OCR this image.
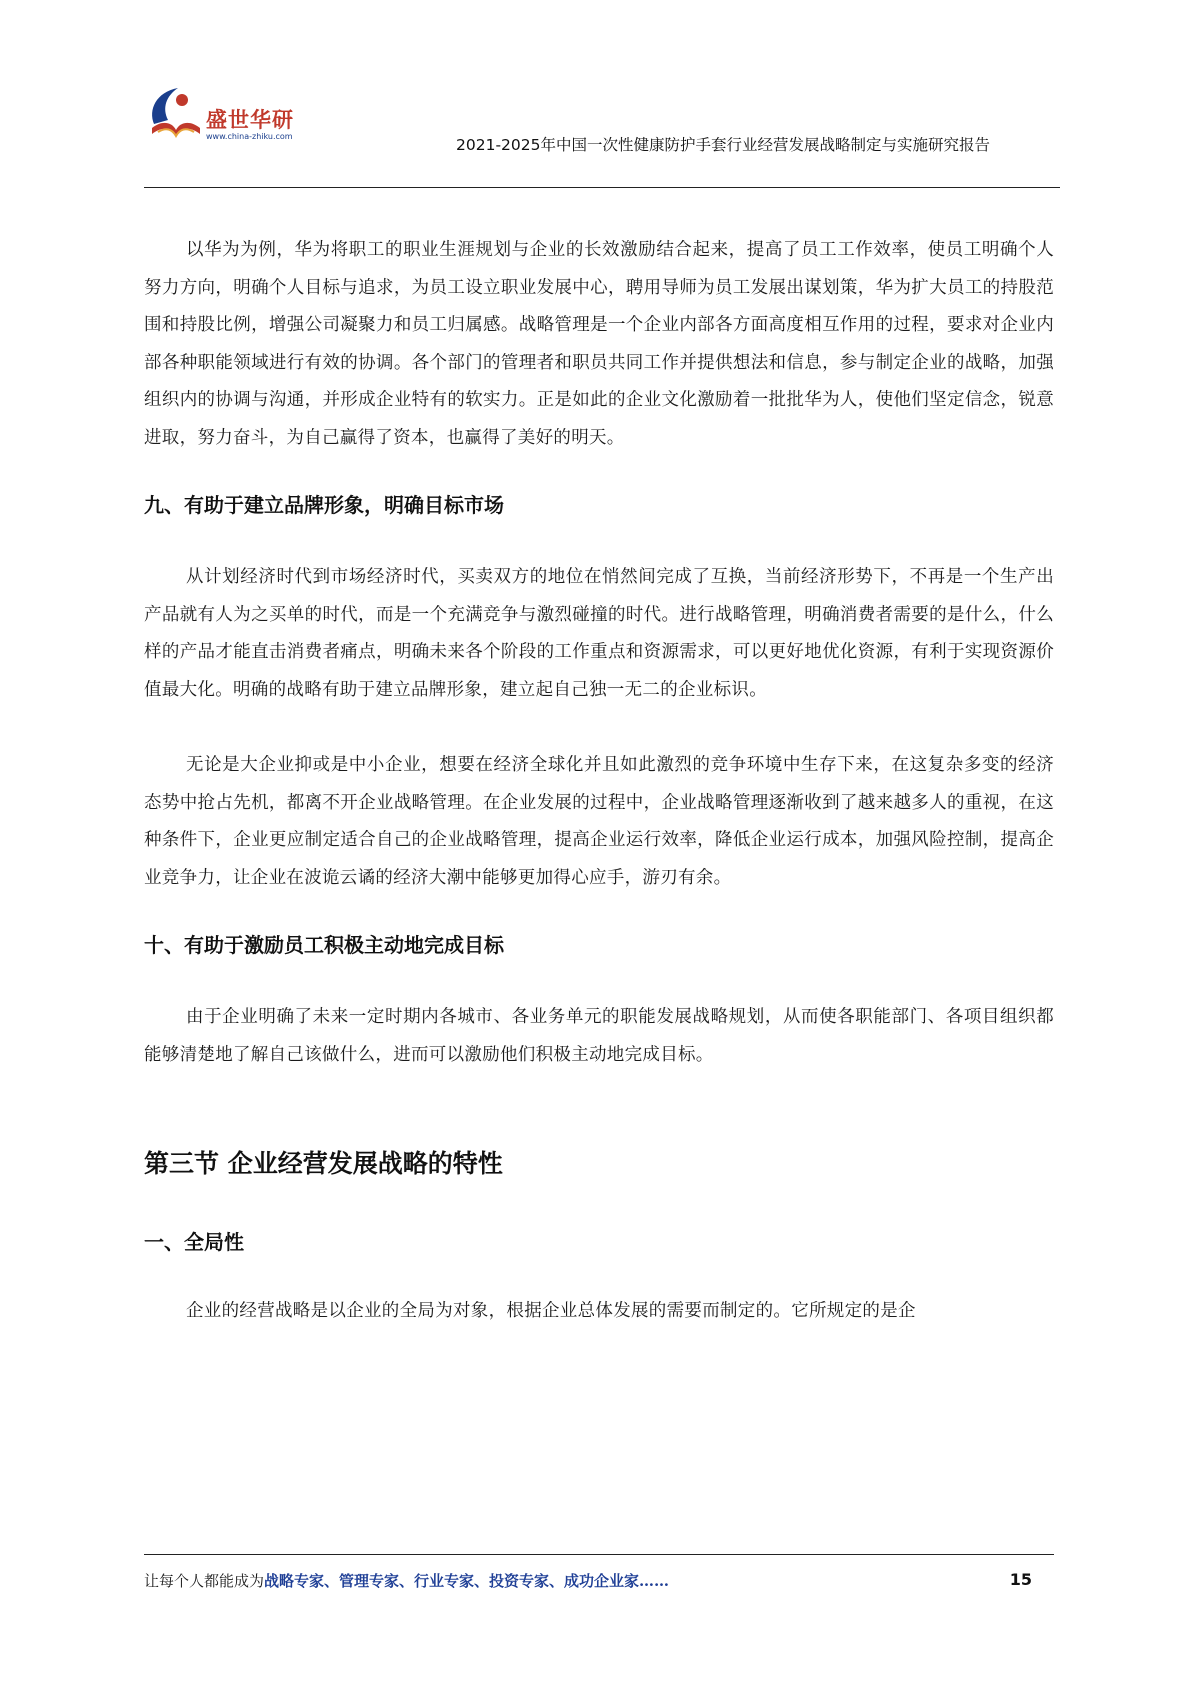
盛世华研
www.china-zhiku.com	2021-2025年中国一次性健康防护手套行业经营发展战略制定与实施研究报告

以华为为例，华为将职工的职业生涯规划与企业的长效激励结合起来，提高了员工工作效率，使员工明确个人努力方向，明确个人目标与追求，为员工设立职业发展中心，聘用导师为员工发展出谋划策，华为扩大员工的持股范围和持股比例，增强公司凝聚力和员工归属感。战略管理是一个企业内部各方面高度相互作用的过程，要求对企业内部各种职能领域进行有效的协调。各个部门的管理者和职员共同工作并提供想法和信息，参与制定企业的战略，加强组织内的协调与沟通，并形成企业特有的软实力。正是如此的企业文化激励着一批批华为人，使他们坚定信念，锐意进取，努力奋斗，为自己赢得了资本，也赢得了美好的明天。

九、有助于建立品牌形象，明确目标市场

从计划经济时代到市场经济时代，买卖双方的地位在悄然间完成了互换，当前经济形势下，不再是一个生产出产品就有人为之买单的时代，而是一个充满竞争与激烈碰撞的时代。进行战略管理，明确消费者需要的是什么，什么样的产品才能直击消费者痛点，明确未来各个阶段的工作重点和资源需求，可以更好地优化资源，有利于实现资源价值最大化。明确的战略有助于建立品牌形象，建立起自己独一无二的企业标识。

无论是大企业抑或是中小企业，想要在经济全球化并且如此激烈的竞争环境中生存下来，在这复杂多变的经济态势中抢占先机，都离不开企业战略管理。在企业发展的过程中，企业战略管理逐渐收到了越来越多人的重视，在这种条件下，企业更应制定适合自己的企业战略管理，提高企业运行效率，降低企业运行成本，加强风险控制，提高企业竞争力，让企业在波诡云谲的经济大潮中能够更加得心应手，游刃有余。

十、有助于激励员工积极主动地完成目标

由于企业明确了未来一定时期内各城市、各业务单元的职能发展战略规划，从而使各职能部门、各项目组织都能够清楚地了解自己该做什么，进而可以激励他们积极主动地完成目标。

第三节 企业经营发展战略的特性
一、全局性

企业的经营战略是以企业的全局为对象，根据企业总体发展的需要而制定的。它所规定的是企

让每个人都能成为战略专家、管理专家、行业专家、投资专家、成功企业家……	15
